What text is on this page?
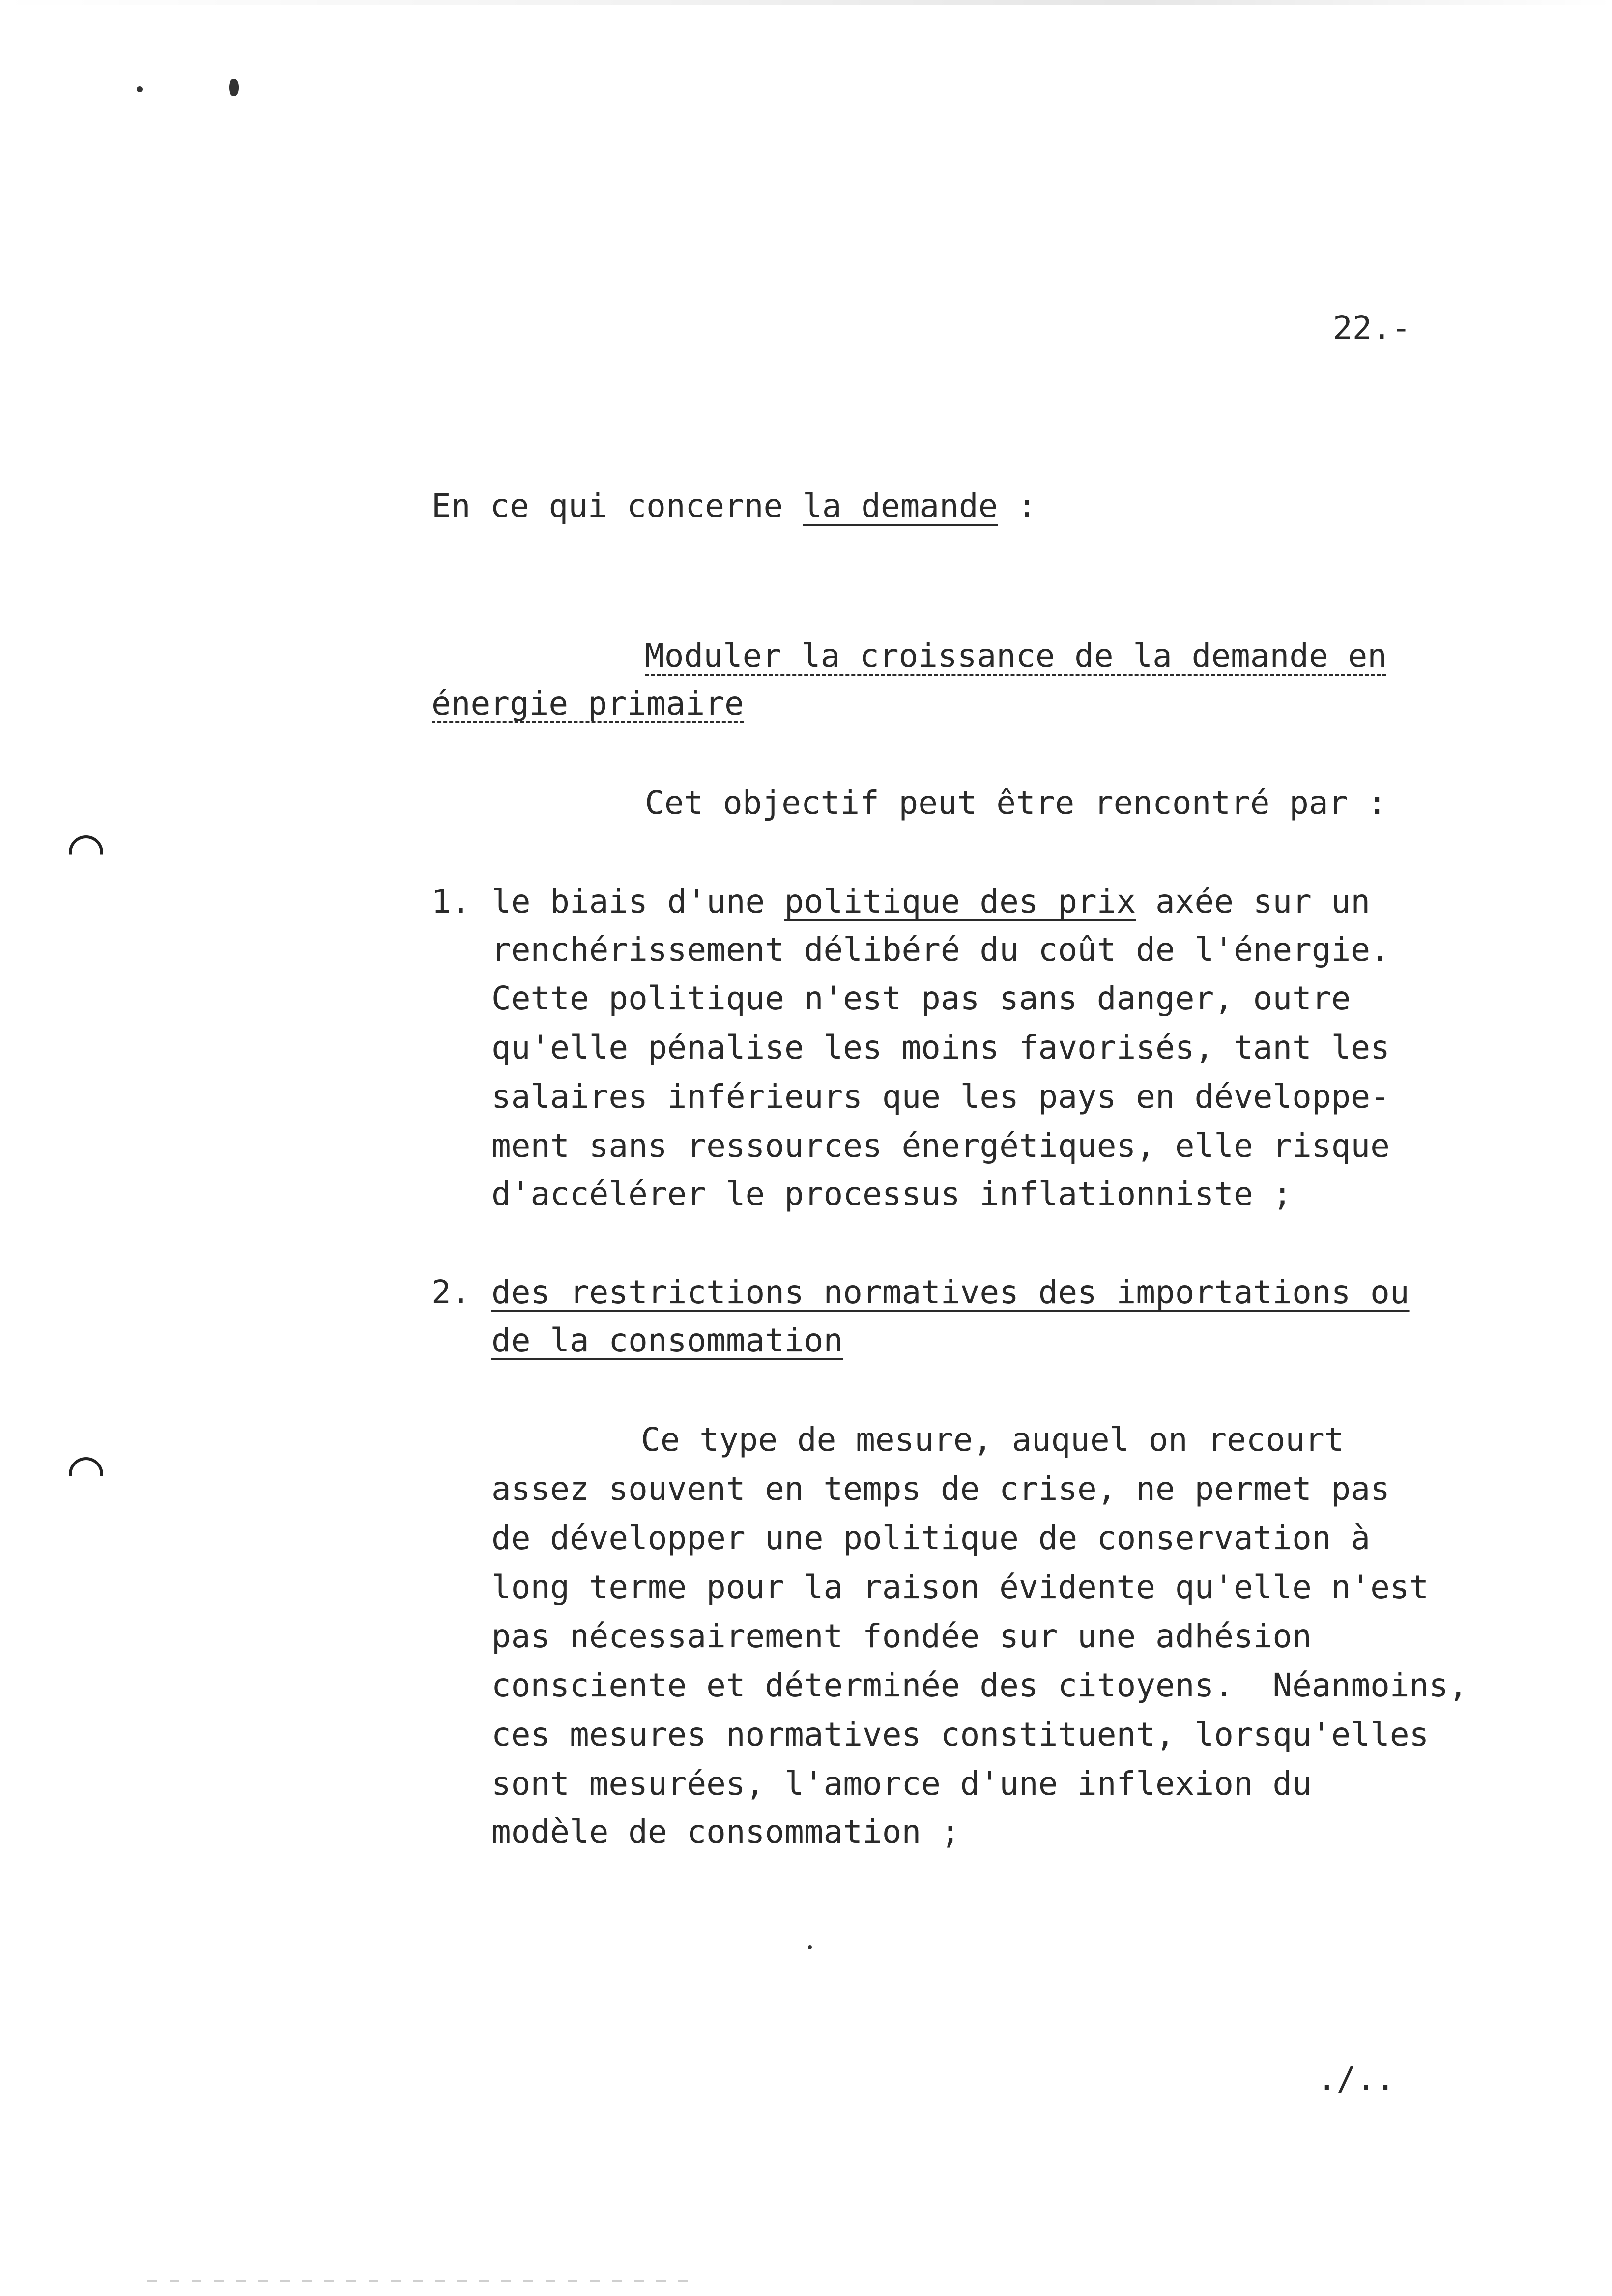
22.-
En ce qui concerne la demande :
Moduler la croissance de la demande en
énergie primaire
Cet objectif peut être rencontré par :
1. le biais d'une politique des prix axée sur un
renchérissement délibéré du coût de l'énergie.
Cette politique n'est pas sans danger, outre
qu'elle pénalise les moins favorisés, tant les
salaires inférieurs que les pays en développe-
ment sans ressources énergétiques, elle risque
d'accélérer le processus inflationniste ;
2. des restrictions normatives des importations ou
de la consommation
Ce type de mesure, auquel on recourt
assez souvent en temps de crise, ne permet pas
de développer une politique de conservation à
long terme pour la raison évidente qu'elle n'est
pas nécessairement fondée sur une adhésion
consciente et déterminée des citoyens.  Néanmoins,
ces mesures normatives constituent, lorsqu'elles
sont mesurées, l'amorce d'une inflexion du
modèle de consommation ;
./..
